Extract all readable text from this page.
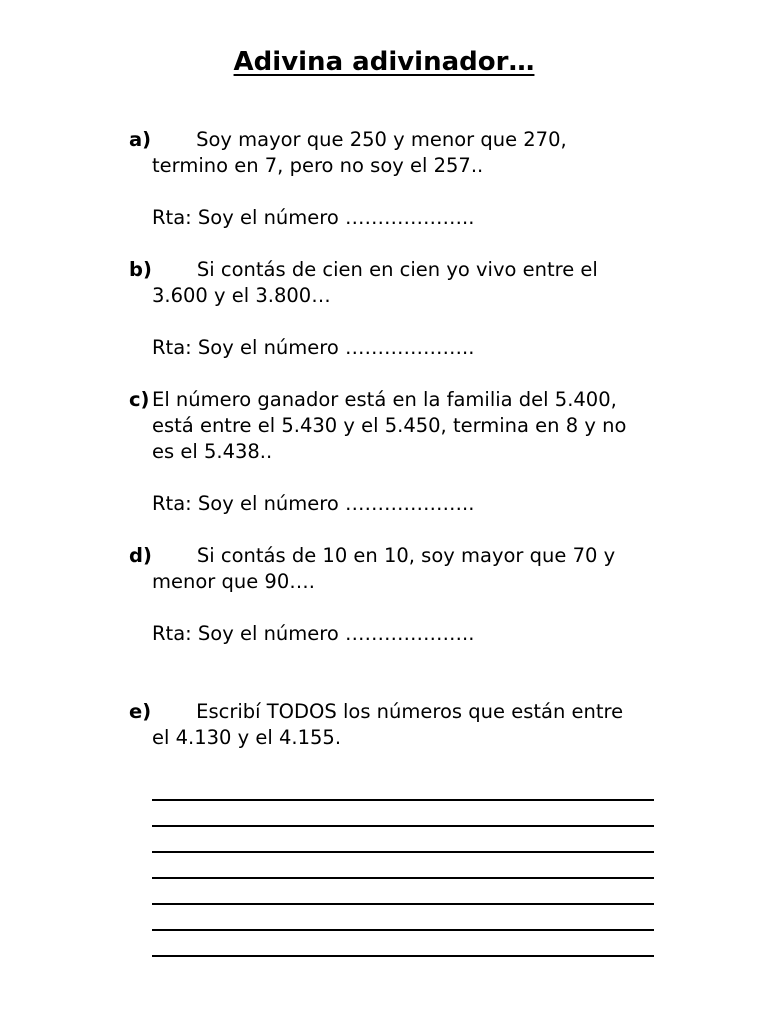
Adivina adivinador…
a) Soy mayor que 250 y menor que 270,
termino en 7, pero no soy el 257..
Rta: Soy el número ………………..
b) Si contás de cien en cien yo vivo entre el
3.600 y el 3.800…
Rta: Soy el número ………………..
c) El número ganador está en la familia del 5.400,
está entre el 5.430 y el 5.450, termina en 8 y no
es el 5.438..
Rta: Soy el número ………………..
d) Si contás de 10 en 10, soy mayor que 70 y
menor que 90….
Rta: Soy el número ………………..
e) Escribí TODOS los números que están entre
el 4.130 y el 4.155.
